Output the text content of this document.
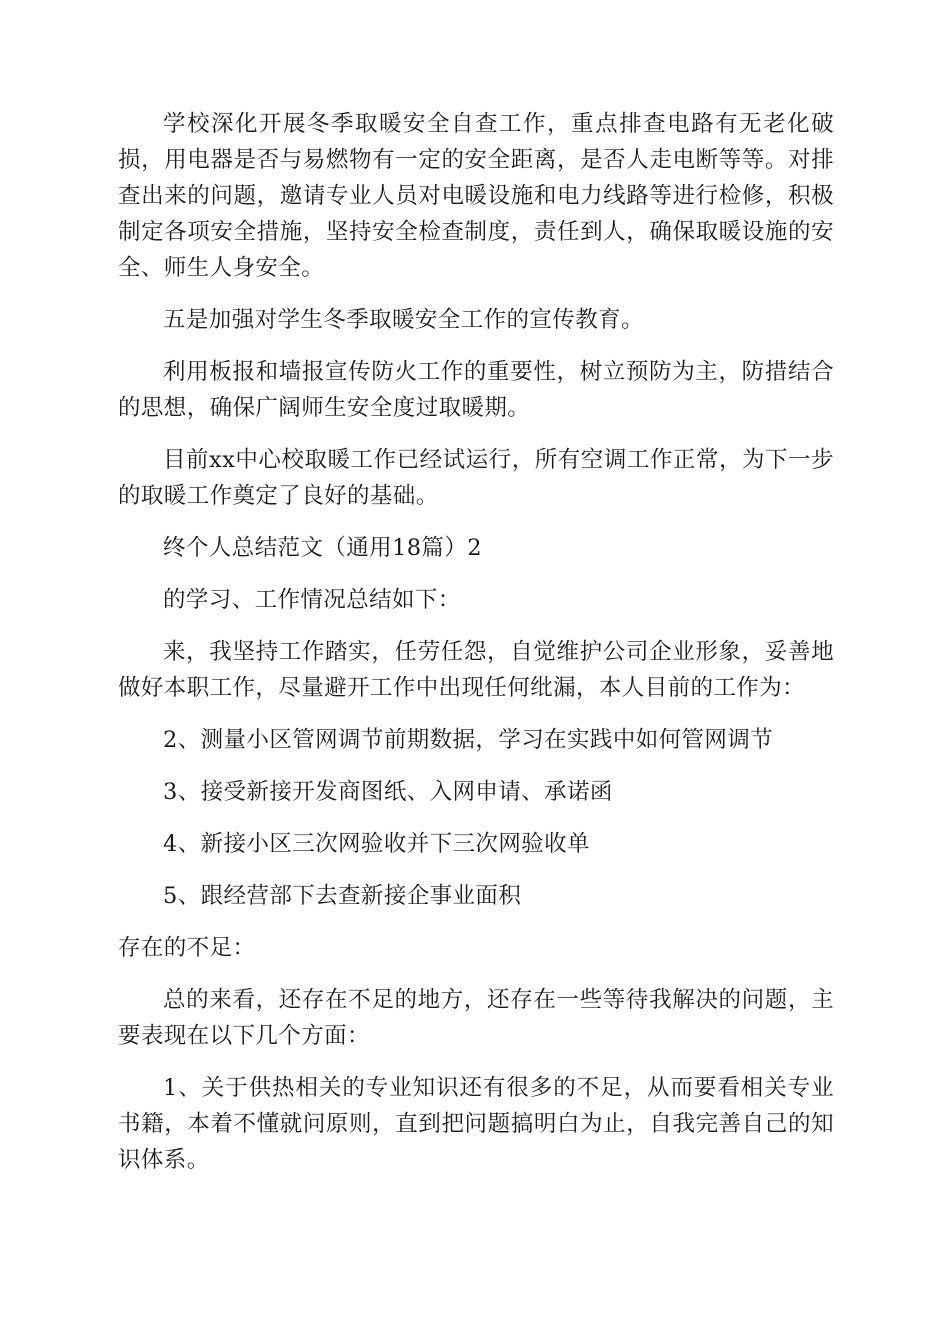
学校深化开展冬季取暖安全自查工作，重点排查电路有无老化破损，用电器是否与易燃物有一定的安全距离，是否人走电断等等。对排查出来的问题，邀请专业人员对电暖设施和电力线路等进行检修，积极制定各项安全措施，坚持安全检查制度，责任到人，确保取暖设施的安全、师生人身安全。

五是加强对学生冬季取暖安全工作的宣传教育。

利用板报和墙报宣传防火工作的重要性，树立预防为主，防措结合的思想，确保广阔师生安全度过取暖期。

目前xx中心校取暖工作已经试运行，所有空调工作正常，为下一步的取暖工作奠定了良好的基础。

终个人总结范文（通用18篇）2

的学习、工作情况总结如下：

来，我坚持工作踏实，任劳任怨，自觉维护公司企业形象，妥善地做好本职工作，尽量避开工作中出现任何纰漏，本人目前的工作为：

2、测量小区管网调节前期数据，学习在实践中如何管网调节

3、接受新接开发商图纸、入网申请、承诺函

4、新接小区三次网验收并下三次网验收单

5、跟经营部下去查新接企事业面积

存在的不足：

总的来看，还存在不足的地方，还存在一些等待我解决的问题，主要表现在以下几个方面：

1、关于供热相关的专业知识还有很多的不足，从而要看相关专业书籍，本着不懂就问原则，直到把问题搞明白为止，自我完善自己的知识体系。
